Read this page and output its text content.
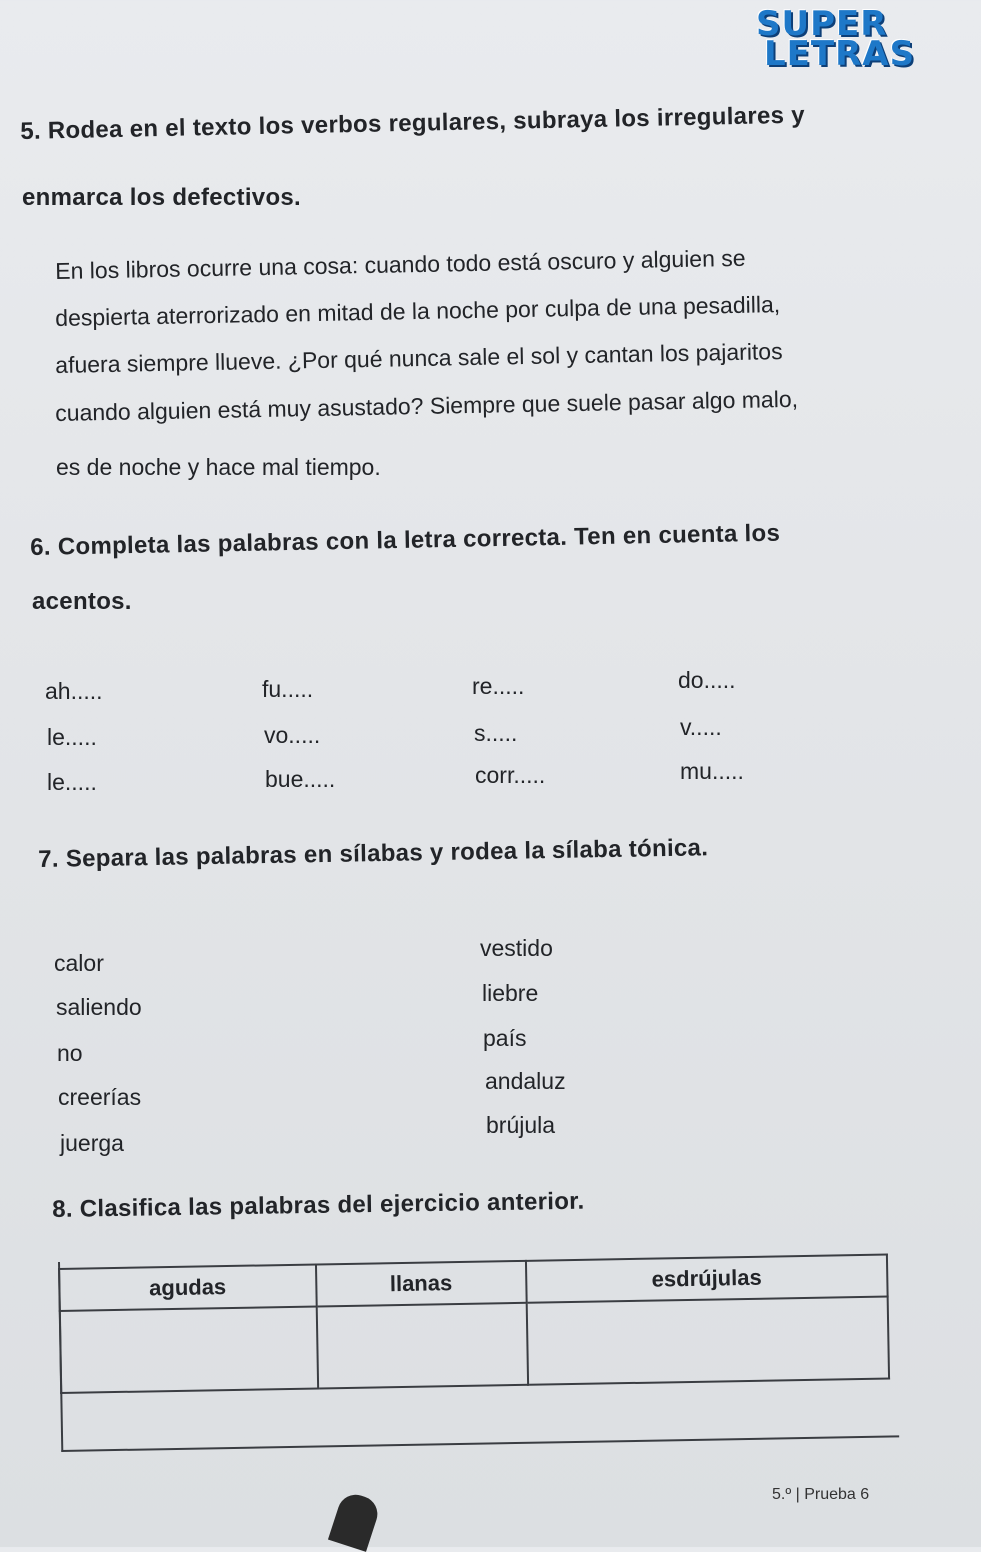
SUPER
LETRAS
5. Rodea en el texto los verbos regulares, subraya los irregulares y
enmarca los defectivos.
En los libros ocurre una cosa: cuando todo está oscuro y alguien se
despierta aterrorizado en mitad de la noche por culpa de una pesadilla,
afuera siempre llueve. ¿Por qué nunca sale el sol y cantan los pajaritos
cuando alguien está muy asustado? Siempre que suele pasar algo malo,
es de noche y hace mal tiempo.
6. Completa las palabras con la letra correcta. Ten en cuenta los
acentos.
ah.....	fu.....	re.....	do.....
le.....	vo.....	s.....	v.....
le.....	bue.....	corr.....	mu.....
7. Separa las palabras en sílabas y rodea la sílaba tónica.
calor
saliendo
no
creerías
juerga
vestido
liebre
país
andaluz
brújula
8. Clasifica las palabras del ejercicio anterior.
agudas	llanas	esdrújulas

5.º | Prueba 6
